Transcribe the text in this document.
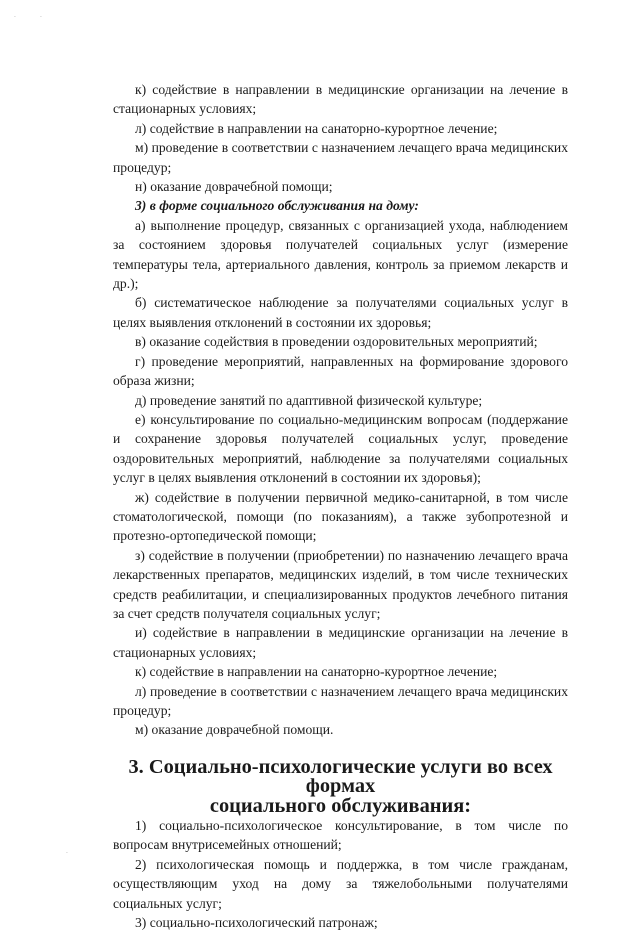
·	·
·

к) содействие в направлении в медицинские организации на лечение в стационарных условиях;

л) содействие в направлении на санаторно-курортное лечение;

м) проведение в соответствии с назначением лечащего врача медицинских процедур;

н) оказание доврачебной помощи;

3) в форме социального обслуживания на дому:

а) выполнение процедур, связанных с организацией ухода, наблюдением за состоянием здоровья получателей социальных услуг (измерение температуры тела, артериального давления, контроль за приемом лекарств и др.);

б) систематическое наблюдение за получателями социальных услуг в целях выявления отклонений в состоянии их здоровья;

в) оказание содействия в проведении оздоровительных мероприятий;

г) проведение мероприятий, направленных на формирование здорового образа жизни;

д) проведение занятий по адаптивной физической культуре;

е) консультирование по социально-медицинским вопросам (поддержание и сохранение здоровья получателей социальных услуг, проведение оздоровительных мероприятий, наблюдение за получателями социальных услуг в целях выявления отклонений в состоянии их здоровья);

ж) содействие в получении первичной медико-санитарной, в том числе стоматологической, помощи (по показаниям), а также зубопротезной и протезно-ортопедической помощи;

з) содействие в получении (приобретении) по назначению лечащего врача лекарственных препаратов, медицинских изделий, в том числе технических средств реабилитации, и специализированных продуктов лечебного питания за счет средств получателя социальных услуг;

и) содействие в направлении в медицинские организации на лечение в стационарных условиях;

к) содействие в направлении на санаторно-курортное лечение;

л) проведение в соответствии с назначением лечащего врача медицинских процедур;

м) оказание доврачебной помощи.

3. Социально-психологические услуги во всех формах
социального обслуживания:

1) социально-психологическое консультирование, в том числе по вопросам внутрисемейных отношений;

2) психологическая помощь и поддержка, в том числе гражданам, осуществляющим уход на дому за тяжелобольными получателями социальных услуг;

3) социально-психологический патронаж;
